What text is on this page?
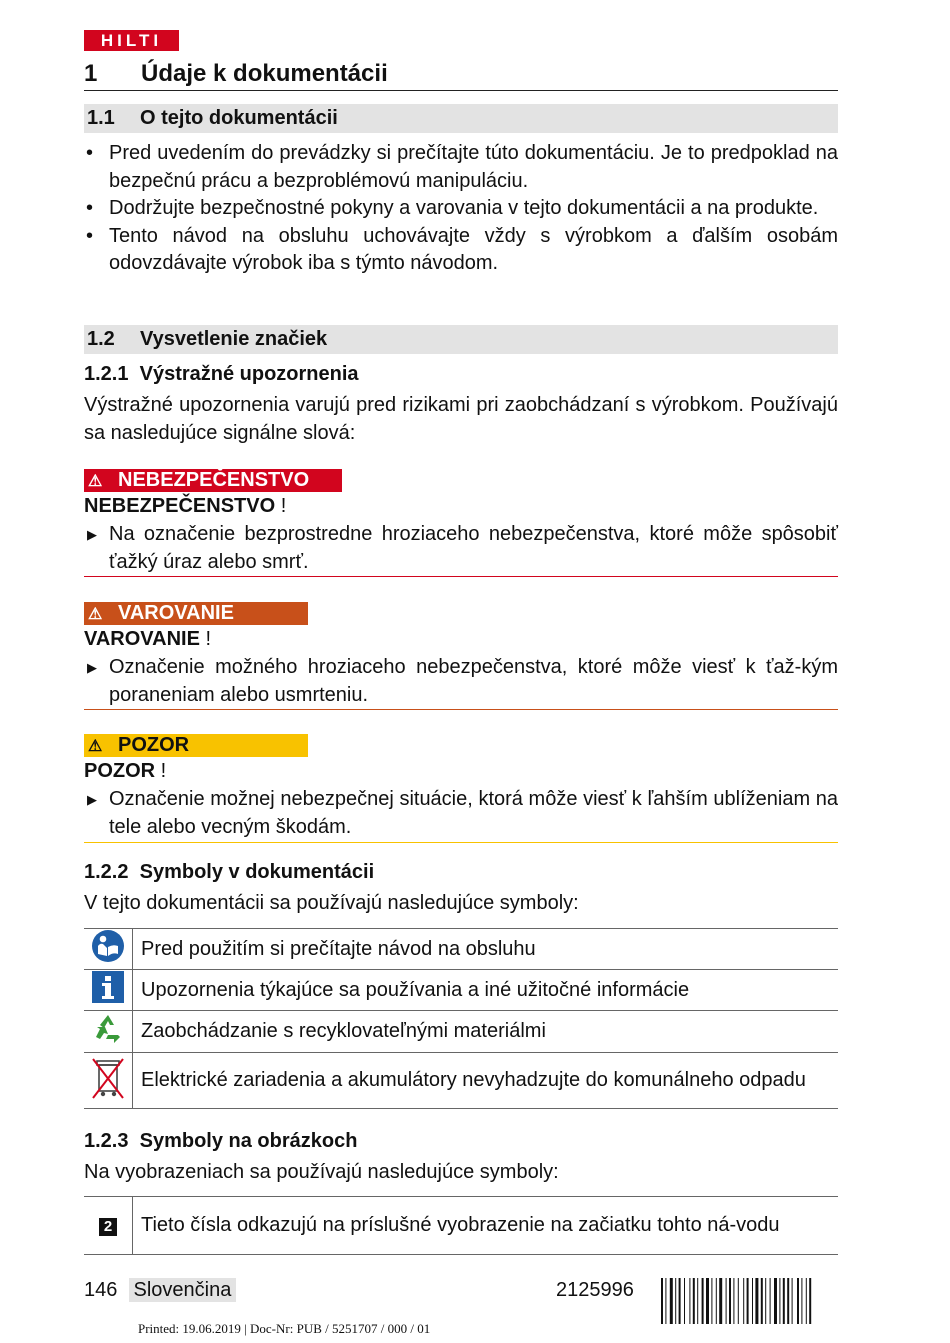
HILTI
1 Údaje k dokumentácii
1.1 O tejto dokumentácii
• Pred uvedením do prevádzky si prečítajte túto dokumentáciu. Je to predpoklad na bezpečnú prácu a bezproblémovú manipuláciu.
• Dodržujte bezpečnostné pokyny a varovania v tejto dokumentácii a na produkte.
• Tento návod na obsluhu uchovávajte vždy s výrobkom a ďalším osobám odovzdávajte výrobok iba s týmto návodom.
1.2 Vysvetlenie značiek
1.2.1 Výstražné upozornenia
Výstražné upozornenia varujú pred rizikami pri zaobchádzaní s výrobkom. Používajú sa nasledujúce signálne slová:
⚠ NEBEZPEČENSTVO
NEBEZPEČENSTVO !
▶ Na označenie bezprostredne hroziaceho nebezpečenstva, ktoré môže spôsobiť ťažký úraz alebo smrť.
⚠ VAROVANIE
VAROVANIE !
▶ Označenie možného hroziaceho nebezpečenstva, ktoré môže viesť k ťaž-kým poraneniam alebo usmrteniu.
⚠ POZOR
POZOR !
▶ Označenie možnej nebezpečnej situácie, ktorá môže viesť k ľahším ublíženiam na tele alebo vecným škodám.
1.2.2 Symboly v dokumentácii
V tejto dokumentácii sa používajú nasledujúce symboly:
	Pred použitím si prečítajte návod na obsluhu
	Upozornenia týkajúce sa používania a iné užitočné informácie
	Zaobchádzanie s recyklovateľnými materiálmi
	Elektrické zariadenia a akumulátory nevyhadzujte do komunálneho odpadu
1.2.3 Symboly na obrázkoch
Na vyobrazeniach sa používajú nasledujúce symboly:
2	Tieto čísla odkazujú na príslušné vyobrazenie na začiatku tohto ná-vodu
146 Slovenčina	2125996
Printed: 19.06.2019 | Doc-Nr: PUB / 5251707 / 000 / 01
